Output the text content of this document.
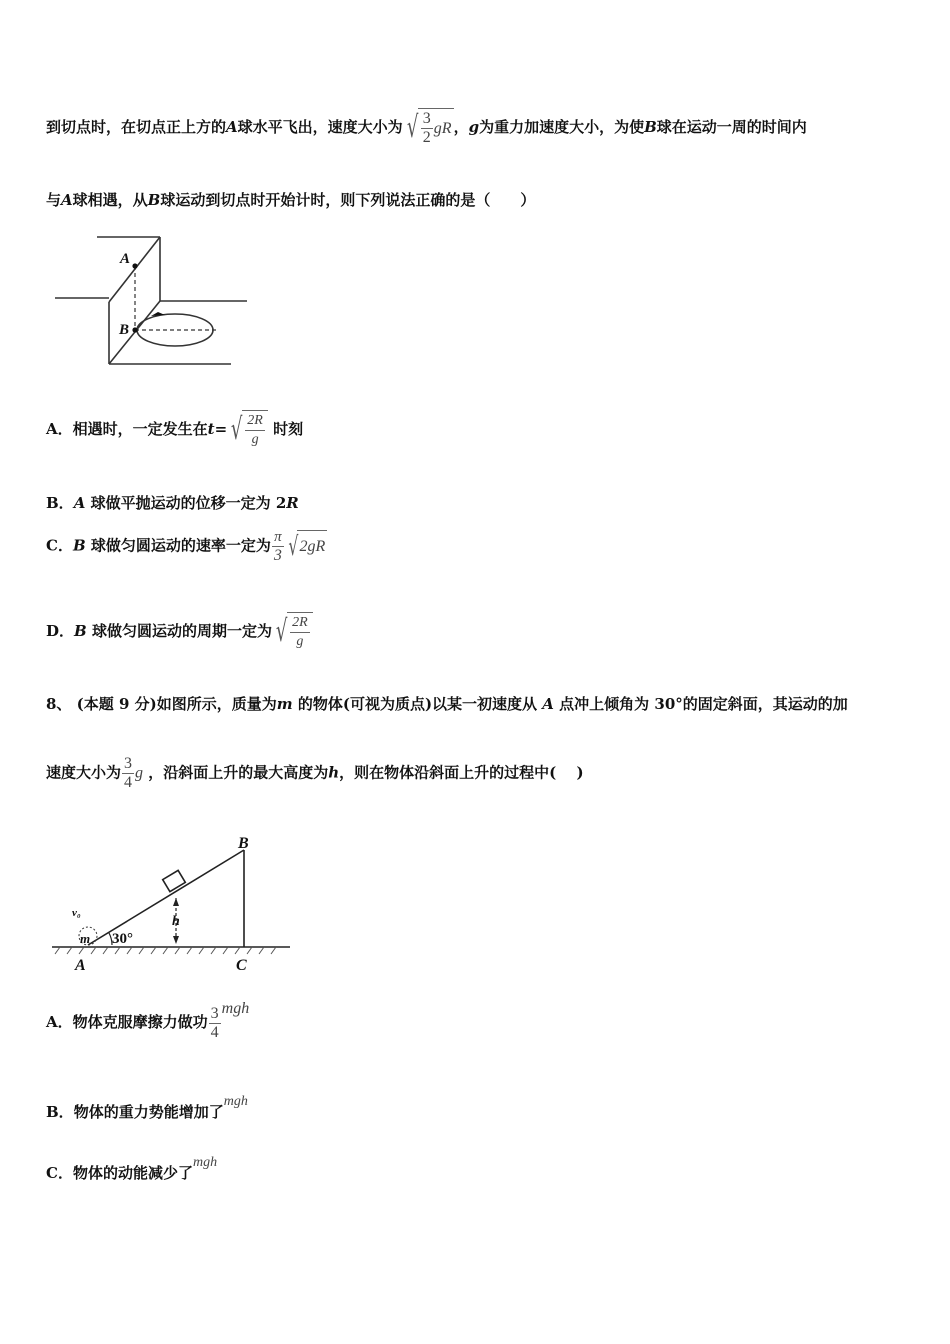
到切点时，在切点正上方的A球水平飞出，速度大小为 √ $\frac{3}{2}$ gR ，g为重力加速度大小，为使B球在运动一周的时间内
与A球相遇，从B球运动到切点时开始计时，则下列说法正确的是（　　）
A
B
A．相遇时，一定发生在t= √ $\frac{2R}{g}$ 时刻
B．A 球做平抛运动的位移一定为 2R
C．B 球做匀圆运动的速率一定为 $\frac{\pi}{3}$ √ 2gR
D．B 球做匀圆运动的周期一定为 √ $\frac{2R}{g}$
8、 (本题 9 分)如图所示，质量为m 的物体(可视为质点)以某一初速度从 A 点冲上倾角为 30°的固定斜面，其运动的加
速度大小为 $\frac{3}{4}$ g ，沿斜面上升的最大高度为h，则在物体沿斜面上升的过程中(　 )
B
A	C
h
m
v₀
30°
A．物体克服摩擦力做功 $\frac{3}{4}$ mgh
B．物体的重力势能增加了mgh
C．物体的动能减少了mgh
